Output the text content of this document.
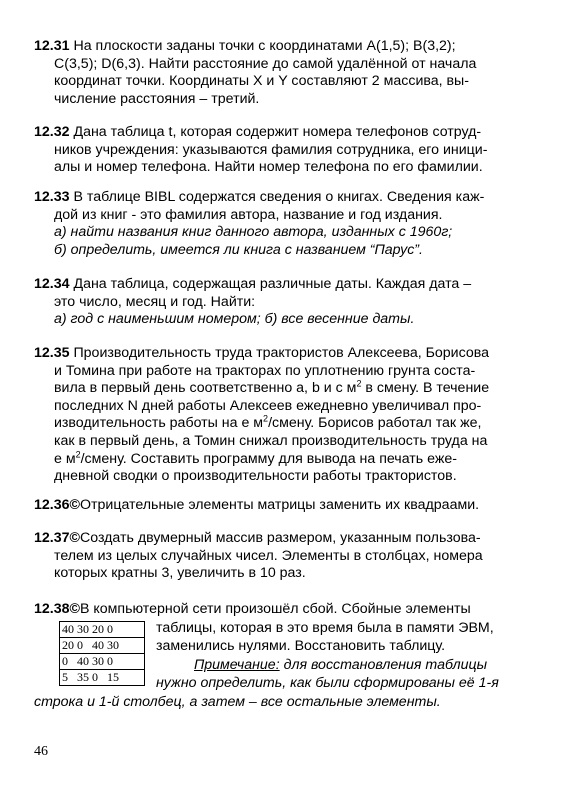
12.31 На плоскости заданы точки с координатами A(1,5); B(3,2);
C(3,5); D(6,3). Найти расстояние до самой удалённой от начала
координат точки. Координаты X и Y составляют 2 массива, вы-
числение расстояния – третий.
12.32 Дана таблица t, которая содержит номера телефонов сотруд-
ников учреждения: указываются фамилия сотрудника, его иници-
алы и номер телефона. Найти номер телефона по его фамилии.
12.33 В таблице BIBL содержатся сведения о книгах. Сведения каж-
дой из книг - это фамилия автора, название и год издания.
а) найти названия книг данного автора, изданных с 1960г;
б) определить, имеется ли книга с названием “Парус”.
12.34 Дана таблица, содержащая различные даты. Каждая дата –
это число, месяц и год. Найти:
а) год с наименьшим номером; б) все весенние даты.
12.35 Производительность труда трактористов Алексеева, Борисова
и Томина при работе на тракторах по уплотнению грунта соста-
вила в первый день соответственно a, b и c $м^2$ в смену. В течение
последних N дней работы Алексеев ежедневно увеличивал про-
изводительность работы на e $м^2$/смену. Борисов работал так же,
как в первый день, а Томин снижал производительность труда на
e $м^2$/смену. Составить программу для вывода на печать еже-
дневной сводки о производительности работы трактористов.
12.36©Отрицательные элементы матрицы заменить их квадраами.
12.37©Создать двумерный массив размером, указанным пользова-
телем из целых случайных чисел. Элементы в столбцах, номера
которых кратны 3, увеличить в 10 раз.
12.38©В компьютерной сети произошёл сбой. Сбойные элементы
таблицы, которая в это время была в памяти ЭВМ,
заменились нулями. Восстановить таблицу.
Примечание: для восстановления таблицы
нужно определить, как были сформированы её 1-я
строка и 1-й столбец, а затем – все остальные элементы.
40 30 20 0
20 0   40 30
0   40 30 0
5   35 0   15
46
